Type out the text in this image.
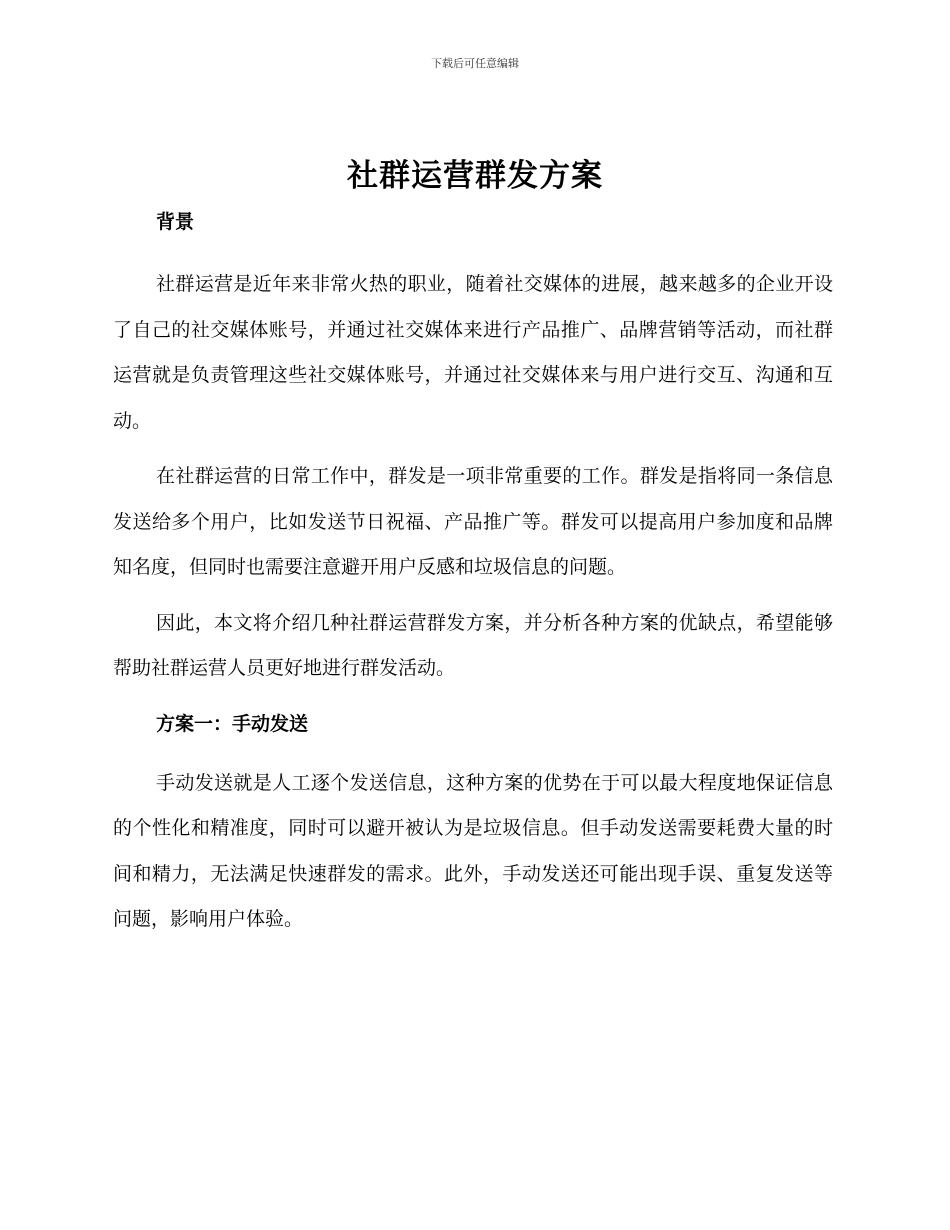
下载后可任意编辑
社群运营群发方案
背景

社群运营是近年来非常火热的职业，随着社交媒体的进展，越来越多的企业开设了自己的社交媒体账号，并通过社交媒体来进行产品推广、品牌营销等活动，而社群运营就是负责管理这些社交媒体账号，并通过社交媒体来与用户进行交互、沟通和互动。

在社群运营的日常工作中，群发是一项非常重要的工作。群发是指将同一条信息发送给多个用户，比如发送节日祝福、产品推广等。群发可以提高用户参加度和品牌知名度，但同时也需要注意避开用户反感和垃圾信息的问题。

因此，本文将介绍几种社群运营群发方案，并分析各种方案的优缺点，希望能够帮助社群运营人员更好地进行群发活动。

方案一：手动发送

手动发送就是人工逐个发送信息，这种方案的优势在于可以最大程度地保证信息的个性化和精准度，同时可以避开被认为是垃圾信息。但手动发送需要耗费大量的时间和精力，无法满足快速群发的需求。此外，手动发送还可能出现手误、重复发送等问题，影响用户体验。
